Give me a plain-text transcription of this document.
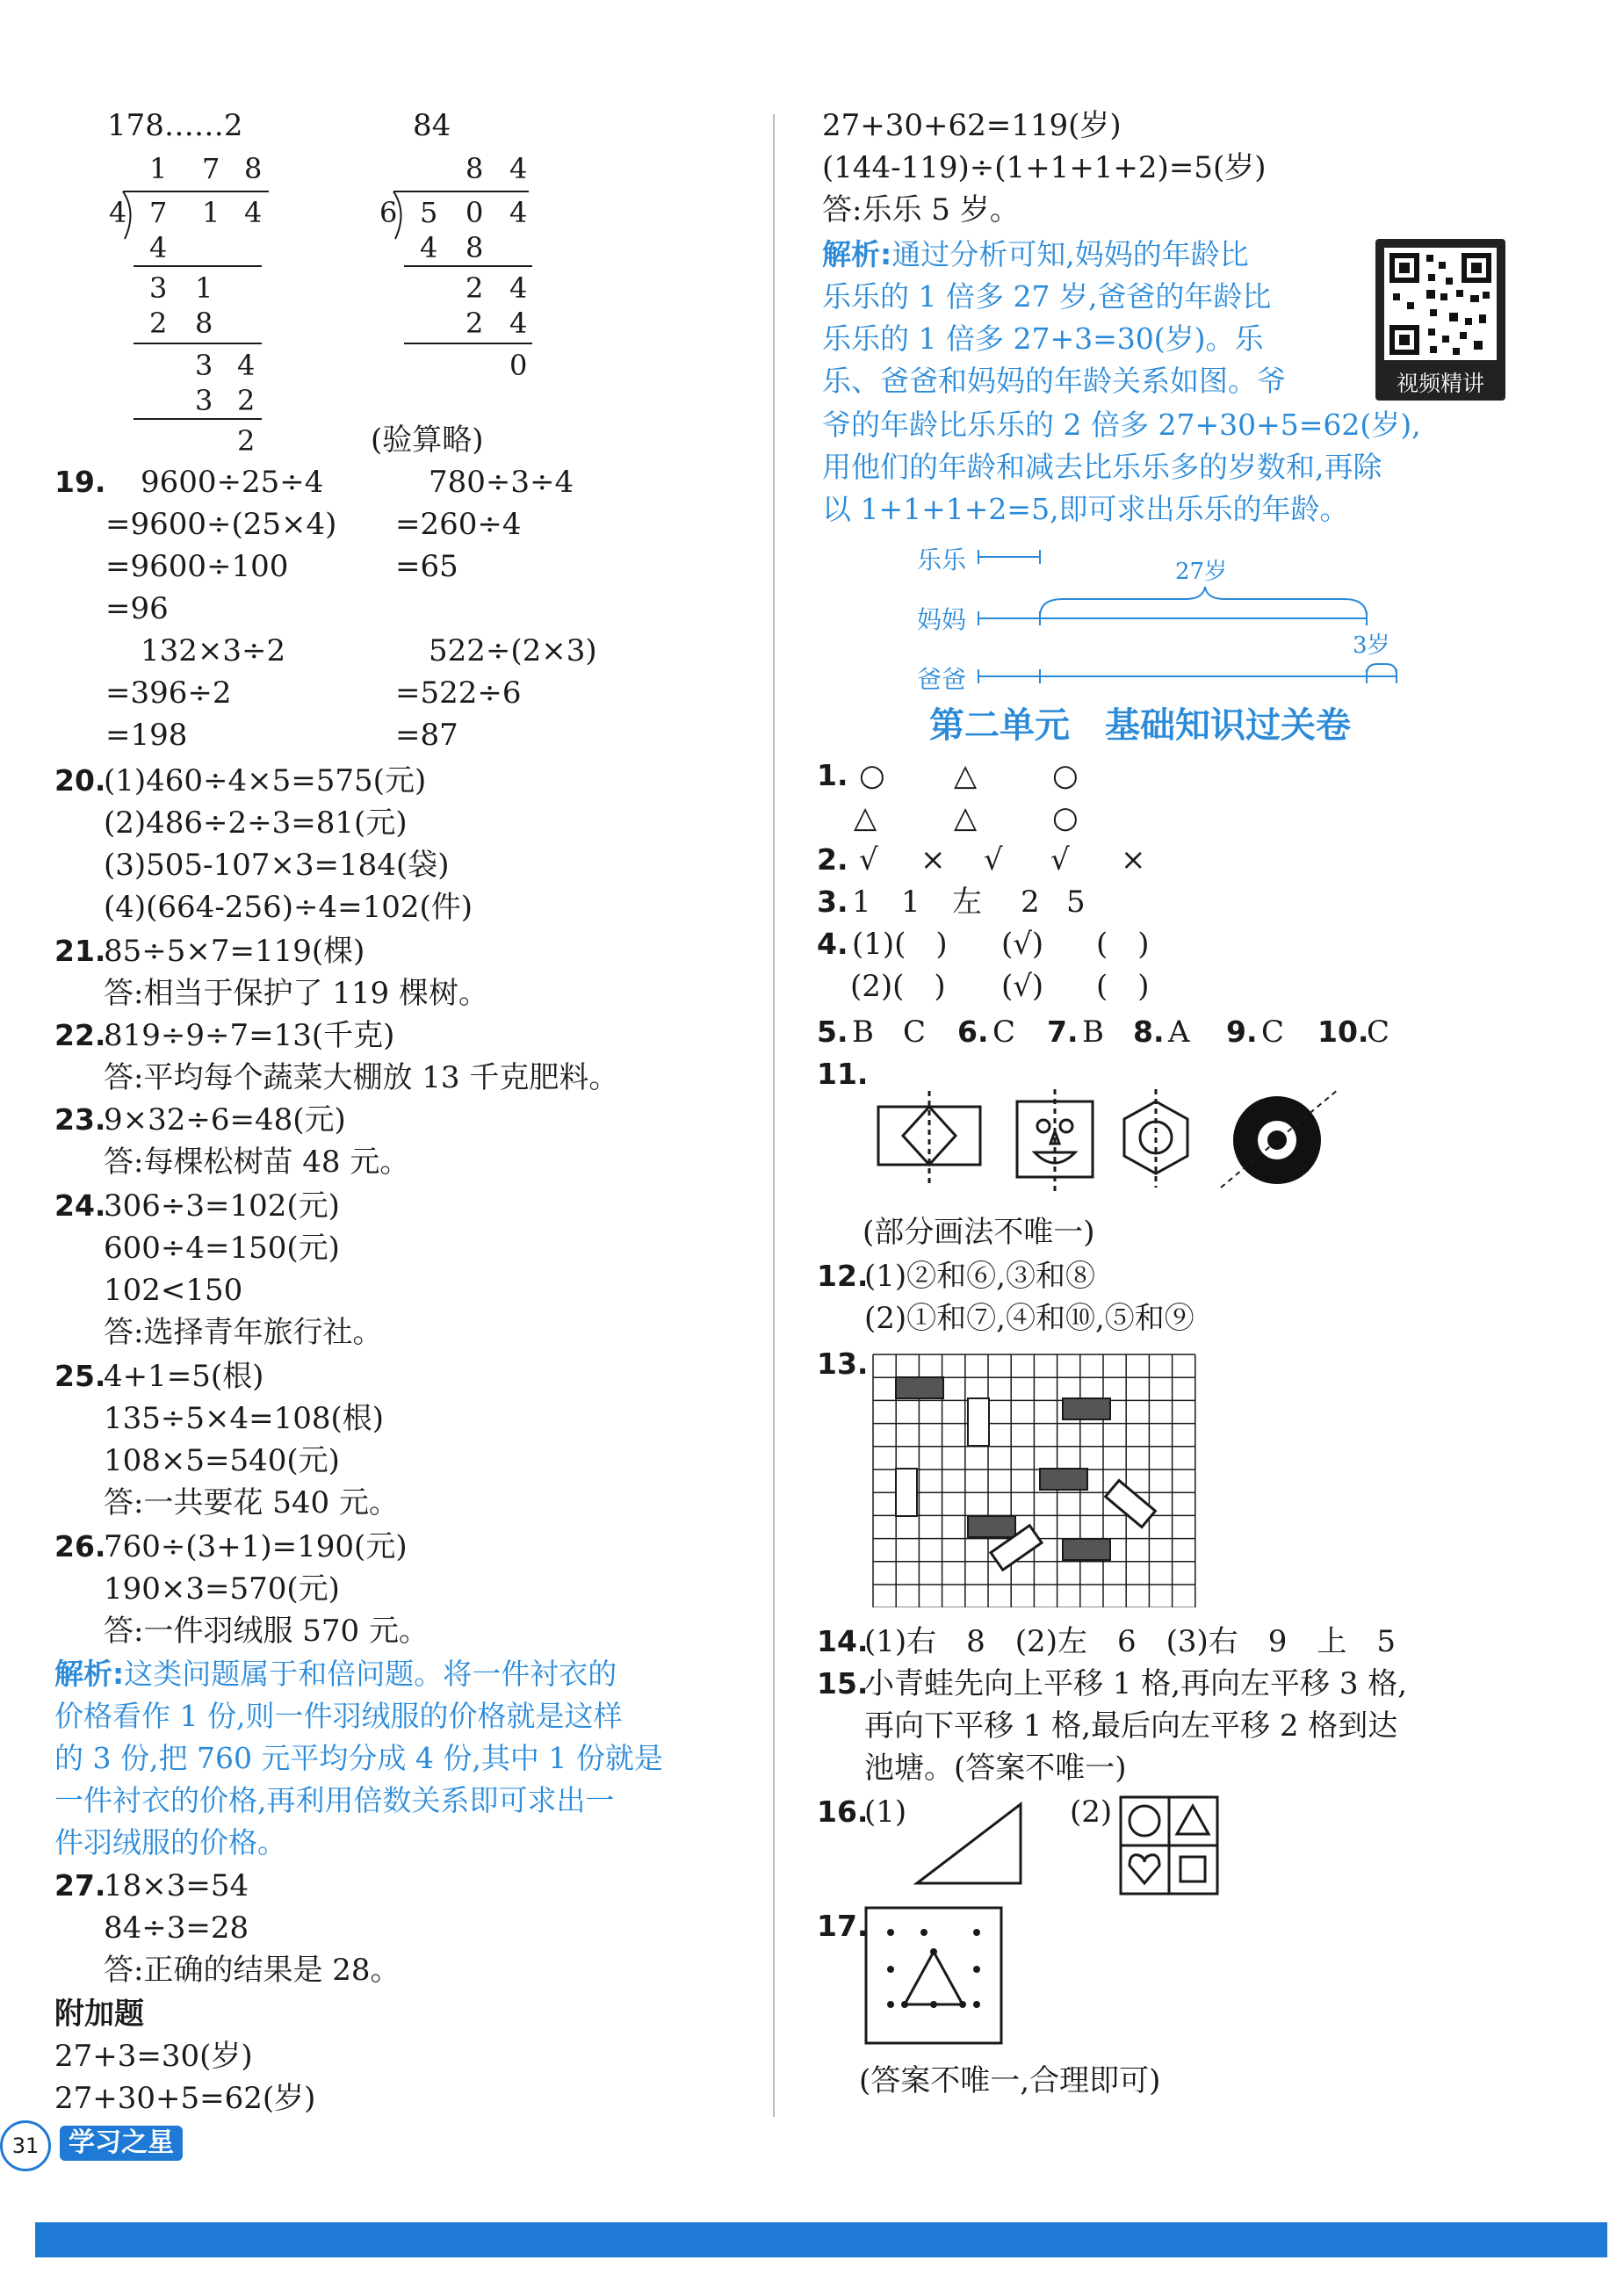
178……2
1 7 8
4 7 1 4
4
3 1
2 8
3 4
3 2
2
84
8 4
6 5 0 4
4 8
2 4
2 4
0
(验算略)
19. 9600÷25÷4	780÷3÷4
=9600÷(25×4) =260÷4
=9600÷100	=65
=96
132×3÷2	522÷(2×3)
=396÷2	=522÷6
=198	=87
20.
(1)460÷4×5=575(元)
(2)486÷2÷3=81(元)
(3)505-107×3=184(袋)
(4)(664-256)÷4=102(件)
21.
85÷5×7=119(棵)
答:相当于保护了 119 棵树。
22.
819÷9÷7=13(千克)
答:平均每个蔬菜大棚放 13 千克肥料。
23.
9×32÷6=48(元)
答:每棵松树苗 48 元。
24.
306÷3=102(元)
600÷4=150(元)
102<150
答:选择青年旅行社。
25.
4+1=5(根)
135÷5×4=108(根)
108×5=540(元)
答:一共要花 540 元。
26.
760÷(3+1)=190(元)
190×3=570(元)
答:一件羽绒服 570 元。
解析:这类问题属于和倍问题。将一件衬衣的
价格看作 1 份,则一件羽绒服的价格就是这样
的 3 份,把 760 元平均分成 4 份,其中 1 份就是
一件衬衣的价格,再利用倍数关系即可求出一
件羽绒服的价格。
27.
18×3=54
84÷3=28
答:正确的结果是 28。
附加题
27+3=30(岁)
27+30+5=62(岁)
27+30+62=119(岁)
(144-119)÷(1+1+1+2)=5(岁)
答:乐乐 5 岁。
解析:通过分析可知,妈妈的年龄比
乐乐的 1 倍多 27 岁,爸爸的年龄比
乐乐的 1 倍多 27+3=30(岁)。乐
乐、爸爸和妈妈的年龄关系如图。爷
爷的年龄比乐乐的 2 倍多 27+30+5=62(岁),
用他们的年龄和减去比乐乐多的岁数和,再除
以 1+1+1+2=5,即可求出乐乐的年龄。
视频精讲
乐乐
妈妈
爸爸
27岁
3岁
第二单元　基础知识过关卷
1. ○ △	○
△	△	○
2. √ × √ √ ×
3. 1 1 左 2 5
4. (1)(　) (√) (　)
(2)(　) (√) (　)
5. B C 6. C 7. B 8. A 9. C 10.
C
11.
(部分画法不唯一)
12.
(1)②和⑥,③和⑧
(2)①和⑦,④和⑩,⑤和⑨
13.
14.
(1)右　8　(2)左　6　(3)右　9　上　5
15.
小青蛙先向上平移 1 格,再向左平移 3 格,
再向下平移 1 格,最后向左平移 2 格到达
池塘。(答案不唯一)
16.
(1)	(2)
17.
(答案不唯一,合理即可)
31	学习之星
